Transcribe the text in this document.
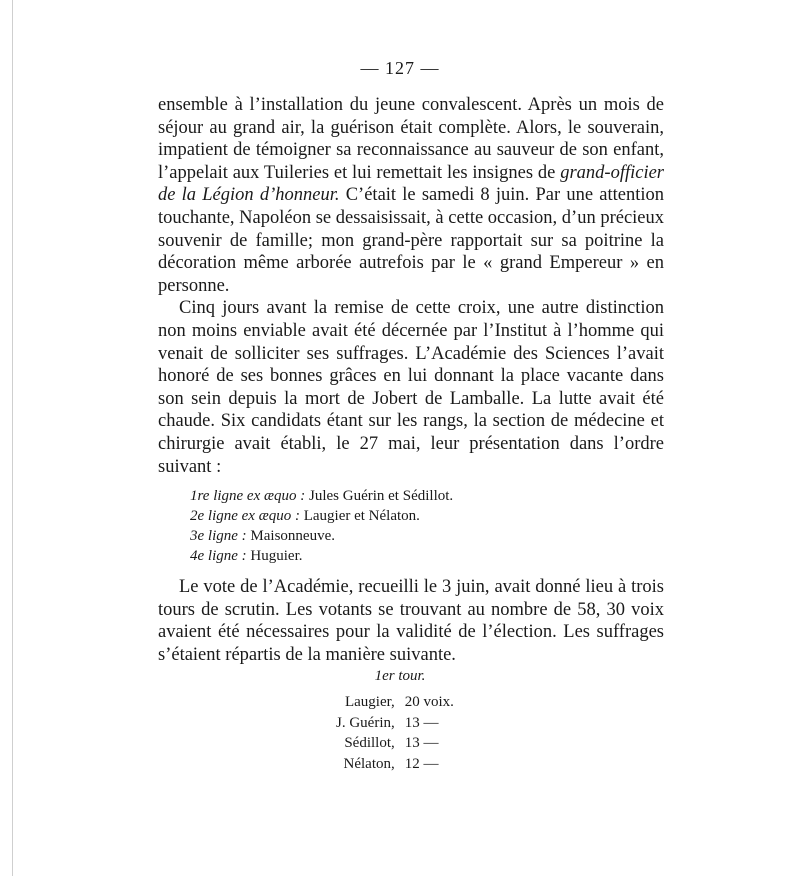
— 127 —

ensemble à l’installation du jeune convalescent. Après un mois de séjour au grand air, la guérison était complète. Alors, le souverain, impatient de témoigner sa reconnaissance au sauveur de son enfant, l’appelait aux Tuileries et lui remettait les insignes de grand-officier de la Légion d’honneur. C’était le samedi 8 juin. Par une attention touchante, Napoléon se dessaisissait, à cette occasion, d’un précieux souvenir de famille; mon grand-père rapportait sur sa poitrine la décoration même arborée autrefois par le « grand Empereur » en personne.

Cinq jours avant la remise de cette croix, une autre distinction non moins enviable avait été décernée par l’Institut à l’homme qui venait de solliciter ses suffrages. L’Académie des Sciences l’avait honoré de ses bonnes grâces en lui donnant la place vacante dans son sein depuis la mort de Jobert de Lamballe. La lutte avait été chaude. Six candidats étant sur les rangs, la section de médecine et chirurgie avait établi, le 27 mai, leur présentation dans l’ordre suivant :

1re ligne ex æquo : Jules Guérin et Sédillot.
2e ligne ex æquo : Laugier et Nélaton.
3e ligne : Maisonneuve.
4e ligne : Huguier.

Le vote de l’Académie, recueilli le 3 juin, avait donné lieu à trois tours de scrutin. Les votants se trouvant au nombre de 58, 30 voix avaient été nécessaires pour la validité de l’élection. Les suffrages s’étaient répartis de la manière suivante.

1er tour.
Laugier,	20 voix.
J. Guérin,	13 —
Sédillot,	13 —
Nélaton,	12 —
